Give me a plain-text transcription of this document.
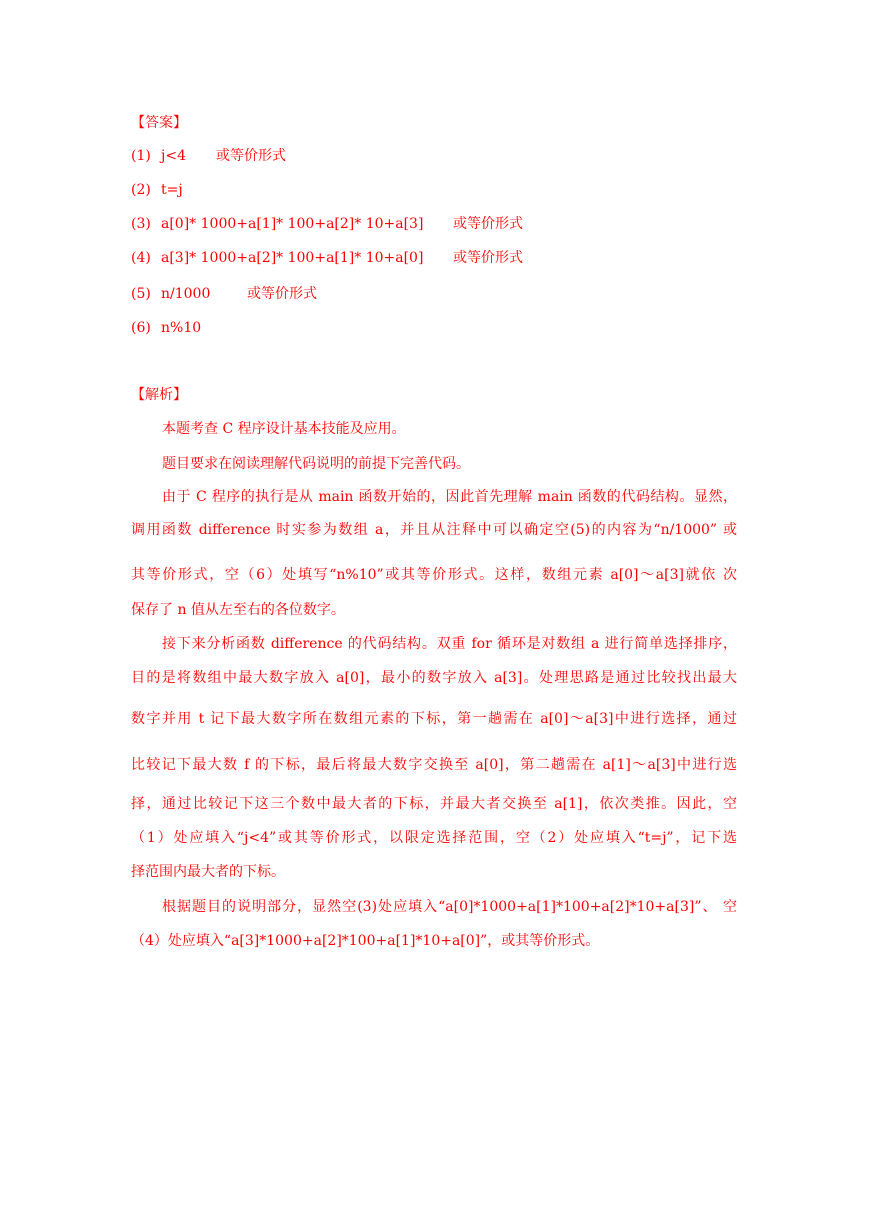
【答案】
(1) j<4 或等价形式
(2) t=j
(3) a[0]* 1000+a[1]* 100+a[2]* 10+a[3] 或等价形式
(4) a[3]* 1000+a[2]* 100+a[1]* 10+a[0] 或等价形式
(5) n/1000	或等价形式
(6) n%10
【解析】
本题考查 C 程序设计基本技能及应用。
题目要求在阅读理解代码说明的前提下完善代码。
由于 C 程序的执行是从 main 函数开始的，因此首先理解 main 函数的代码结构。显然，
调用函数 difference 时实参为数组 a，并且从注释中可以确定空(5)的内容为“n/1000” 或
其等价形式，空（6）处填写“n%10”或其等价形式。这样，数组元素 a[0]～a[3]就依 次
保存了 n 值从左至右的各位数字。
接下来分析函数 difference 的代码结构。双重 for 循环是对数组 a 进行简单选择排序，
目的是将数组中最大数字放入 a[0]，最小的数字放入 a[3]。处理思路是通过比较找出最大
数字并用 t 记下最大数字所在数组元素的下标，第一趟需在 a[0]～a[3]中进行选择，通过
比较记下最大数 f 的下标，最后将最大数字交换至 a[0]，第二趟需在 a[1]～a[3]中进行选
择，通过比较记下这三个数中最大者的下标，并最大者交换至 a[1]，依次类推。因此，空
（1）处应填入“j<4”或其等价形式，以限定选择范围，空（2）处应填入“t=j”，记下选
择范围内最大者的下标。
根据题目的说明部分，显然空(3)处应填入“a[0]*1000+a[1]*100+a[2]*10+a[3]”、 空
（4）处应填入“a[3]*1000+a[2]*100+a[1]*10+a[0]”，或其等价形式。
